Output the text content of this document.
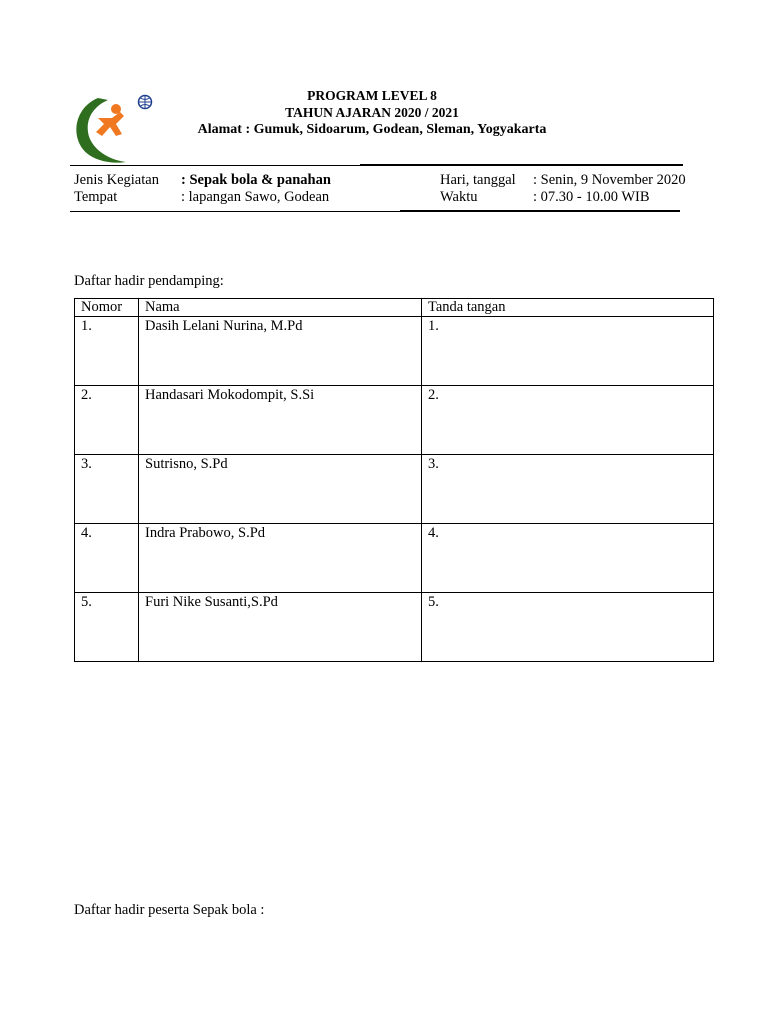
PROGRAM LEVEL 8
TAHUN AJARAN 2020 / 2021
Alamat : Gumuk, Sidoarum, Godean, Sleman, Yogyakarta
Jenis Kegiatan : Sepak bola & panahan
Tempat	: lapangan Sawo, Godean
Hari, tanggal : Senin, 9 November 2020
Waktu	: 07.30 - 10.00 WIB
Daftar hadir pendamping:
Nomor	Nama	Tanda tangan
1.	Dasih Lelani Nurina, M.Pd	1.
2.	Handasari Mokodompit, S.Si	2.
3.	Sutrisno, S.Pd	3.
4.	Indra Prabowo, S.Pd	4.
5.	Furi Nike Susanti,S.Pd	5.
Daftar hadir peserta Sepak bola :
